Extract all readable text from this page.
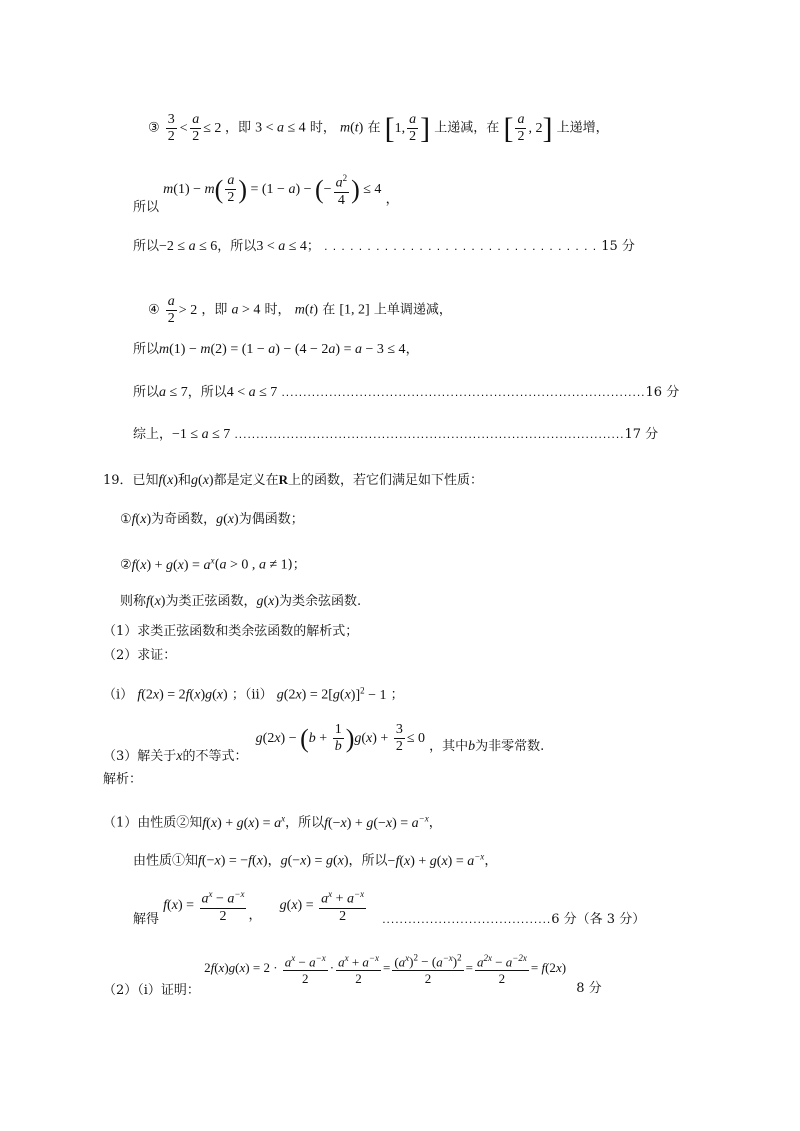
③ $\frac{3}{2} < \frac{a}{2} \le 2$ ，即 3 < a ≤ 4 时， m(t) 在 [1, $\frac{a}{2}$ ] 上递减，在 [ $\frac{a}{2}$ , 2] 上递增，
所以 $m(1) - m( \frac{a}{2}$ ) = (1 − a) − (− $\frac{a^2}{4}$ ) ≤ 4 ，
所以−2 ≤ a ≤ 6，所以3 < a ≤ 4； . . . . . . . . . . . . . . . . . . . . . . . . . . . . . . . . 15 分
④ $\frac{a}{2} > 2$ ，即 a > 4 时， m(t) 在 [1, 2] 上单调递减，
所以m(1) − m(2) = (1 − a) − (4 − 2a) = a − 3 ≤ 4，
所以a ≤ 7，所以4 < a ≤ 7 ....................................................................................16 分
综上，−1 ≤ a ≤ 7 ..........................................................................................17 分
19．已知f(x)和g(x)都是定义在R上的函数，若它们满足如下性质：
①f(x)为奇函数，g(x)为偶函数；
②f(x) + $g(x) = a^x(a > 0$ , a ≠ 1)；
则称f(x)为类正弦函数，g(x)为类余弦函数.
（1）求类正弦函数和类余弦函数的解析式；
（2）求证：
（i） f(2x) = 2f(x)g(x) ；（ii） $g(2x) = 2[g(x)]^2 - 1$ ；
（3）解关于x的不等式： $g(2x) - (b + \frac{1}{b} )g(x) + \frac{3}{2} \le 0$ ，其中b为非零常数.
解析：
（1）由性质②知$f(x) + g(x) = a^x$，所以$f(-x) + g(-x) = a^{-x}$，
由性质①知f(−x) = −f(x)，g(−x) = g(x)，所以$-f(x) + g(x) = a^{-x}$，
解得 $f(x) = \frac{a^x - a^{-x}}{2}$ ， $g(x) = \frac{a^x + a^{-x}}{2} .......................................6$ 分（各 3 分）
（2）（i）证明： $2f(x)g(x) = 2 \cdot \frac{a^x - a^{-x}}{2} \cdot \frac{a^x + a^{-x}}{2} = \frac{(a^x)^2 - (a^{-x})^2}{2} = \frac{a^{2x} - a^{-2x}}{2} = f(2x)$ 8 分
